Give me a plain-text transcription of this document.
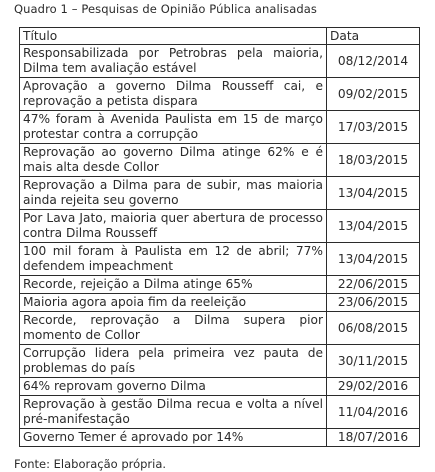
Quadro 1 – Pesquisas de Opinião Pública analisadas
Título	Data
Responsabilizada por Petrobras pela maioria, Dilma tem avaliação estável	08/12/2014
Aprovação a governo Dilma Rousseff cai, e reprovação a petista dispara	09/02/2015
47% foram à Avenida Paulista em 15 de março protestar contra a corrupção	17/03/2015
Reprovação ao governo Dilma atinge 62% e é mais alta desde Collor	18/03/2015
Reprovação a Dilma para de subir, mas maioria ainda rejeita seu governo	13/04/2015
Por Lava Jato, maioria quer abertura de processo contra Dilma Rousseff	13/04/2015
100 mil foram à Paulista em 12 de abril; 77% defendem impeachment	13/04/2015
Recorde, rejeição a Dilma atinge 65%	22/06/2015
Maioria agora apoia fim da reeleição	23/06/2015
Recorde, reprovação a Dilma supera pior momento de Collor	06/08/2015
Corrupção lidera pela primeira vez pauta de problemas do país	30/11/2015
64% reprovam governo Dilma	29/02/2016
Reprovação à gestão Dilma recua e volta a nível pré-manifestação	11/04/2016
Governo Temer é aprovado por 14%	18/07/2016
Fonte: Elaboração própria.
